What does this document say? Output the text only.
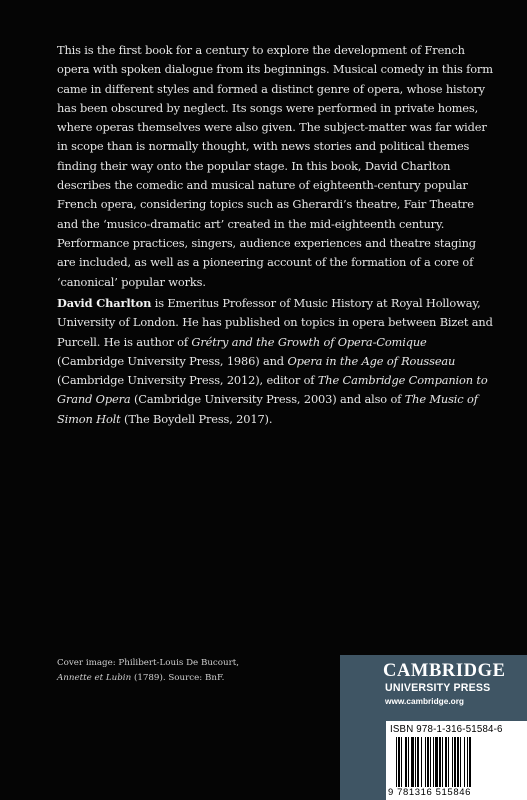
This is the first book for a century to explore the development of French opera with spoken dialogue from its beginnings. Musical comedy in this form came in different styles and formed a distinct genre of opera, whose history has been obscured by neglect. Its songs were performed in private homes, where operas themselves were also given. The subject-matter was far wider in scope than is normally thought, with news stories and political themes finding their way onto the popular stage. In this book, David Charlton describes the comedic and musical nature of eighteenth-century popular French opera, considering topics such as Gherardi’s theatre, Fair Theatre and the ‘musico-dramatic art’ created in the mid-eighteenth century. Performance practices, singers, audience experiences and theatre staging are included, as well as a pioneering account of the formation of a core of ‘canonical’ popular works.

David Charlton is Emeritus Professor of Music History at Royal Holloway, University of London. He has published on topics in opera between Bizet and Purcell. He is author of Grétry and the Growth of Opera-Comique (Cambridge University Press, 1986) and Opera in the Age of Rousseau (Cambridge University Press, 2012), editor of The Cambridge Companion to Grand Opera (Cambridge University Press, 2003) and also of The Music of Simon Holt (The Boydell Press, 2017).

Cover image: Philibert-Louis De Bucourt,
Annette et Lubin (1789). Source: BnF.	CAMBRIDGE
UNIVERSITY PRESS
www.cambridge.org
ISBN 978-1-316-51584-6
9 781316 515846
